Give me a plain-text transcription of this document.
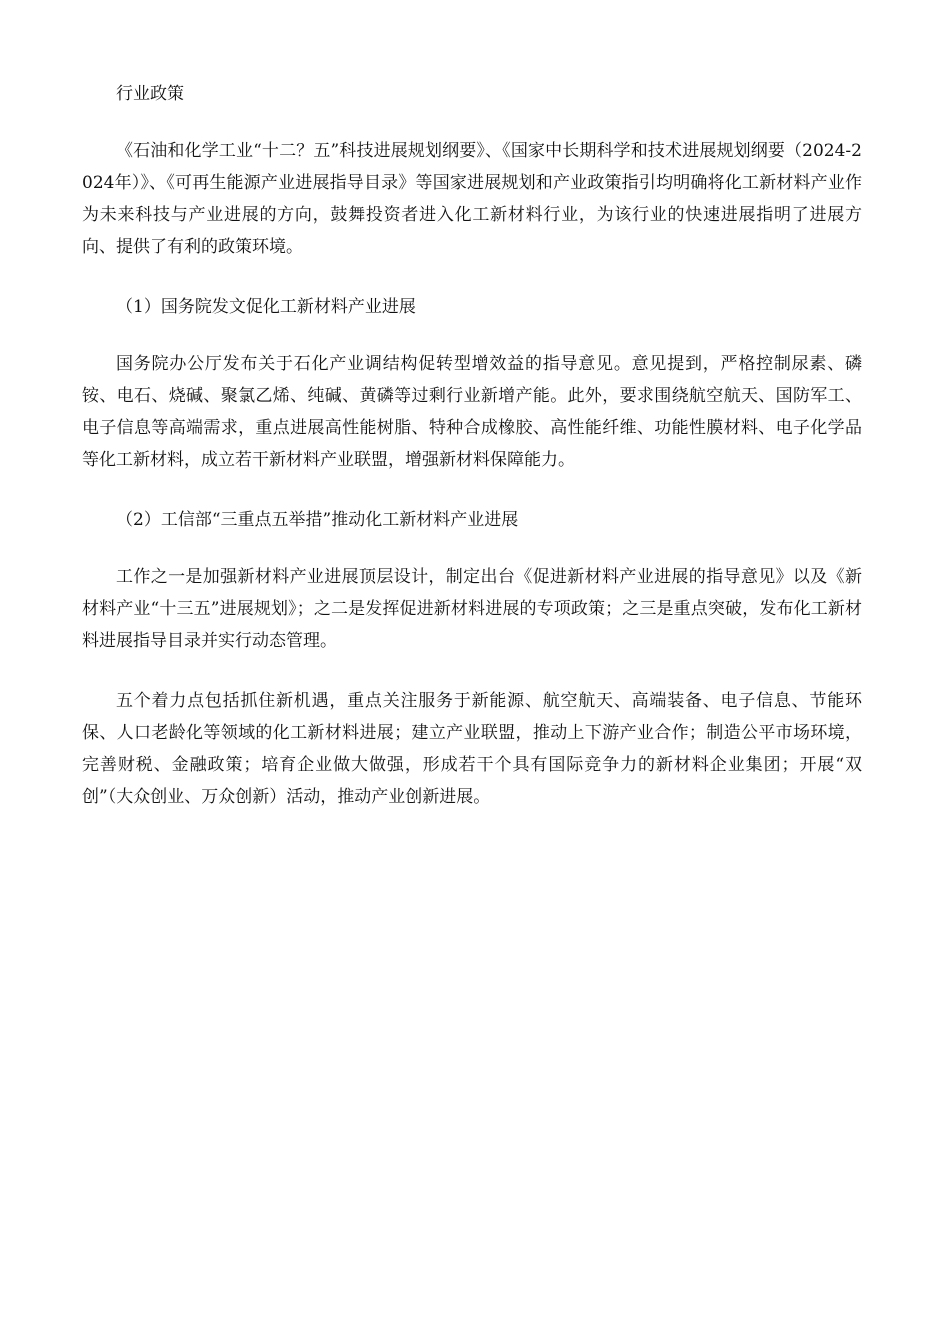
行业政策

《石油和化学工业“十二？五”科技进展规划纲要》、《国家中长期科学和技术进展规划纲要（2024-2024年）》、《可再生能源产业进展指导目录》等国家进展规划和产业政策指引均明确将化工新材料产业作为未来科技与产业进展的方向，鼓舞投资者进入化工新材料行业，为该行业的快速进展指明了进展方向、提供了有利的政策环境。

（1）国务院发文促化工新材料产业进展

国务院办公厅发布关于石化产业调结构促转型增效益的指导意见。意见提到，严格控制尿素、磷铵、电石、烧碱、聚氯乙烯、纯碱、黄磷等过剩行业新增产能。此外，要求围绕航空航天、国防军工、电子信息等高端需求，重点进展高性能树脂、特种合成橡胶、高性能纤维、功能性膜材料、电子化学品等化工新材料，成立若干新材料产业联盟，增强新材料保障能力。

（2）工信部“三重点五举措”推动化工新材料产业进展

工作之一是加强新材料产业进展顶层设计，制定出台《促进新材料产业进展的指导意见》以及《新材料产业“十三五”进展规划》；之二是发挥促进新材料进展的专项政策；之三是重点突破，发布化工新材料进展指导目录并实行动态管理。

五个着力点包括抓住新机遇，重点关注服务于新能源、航空航天、高端装备、电子信息、节能环保、人口老龄化等领域的化工新材料进展；建立产业联盟，推动上下游产业合作；制造公平市场环境，完善财税、金融政策；培育企业做大做强，形成若干个具有国际竞争力的新材料企业集团；开展“双创”（大众创业、万众创新）活动，推动产业创新进展。
